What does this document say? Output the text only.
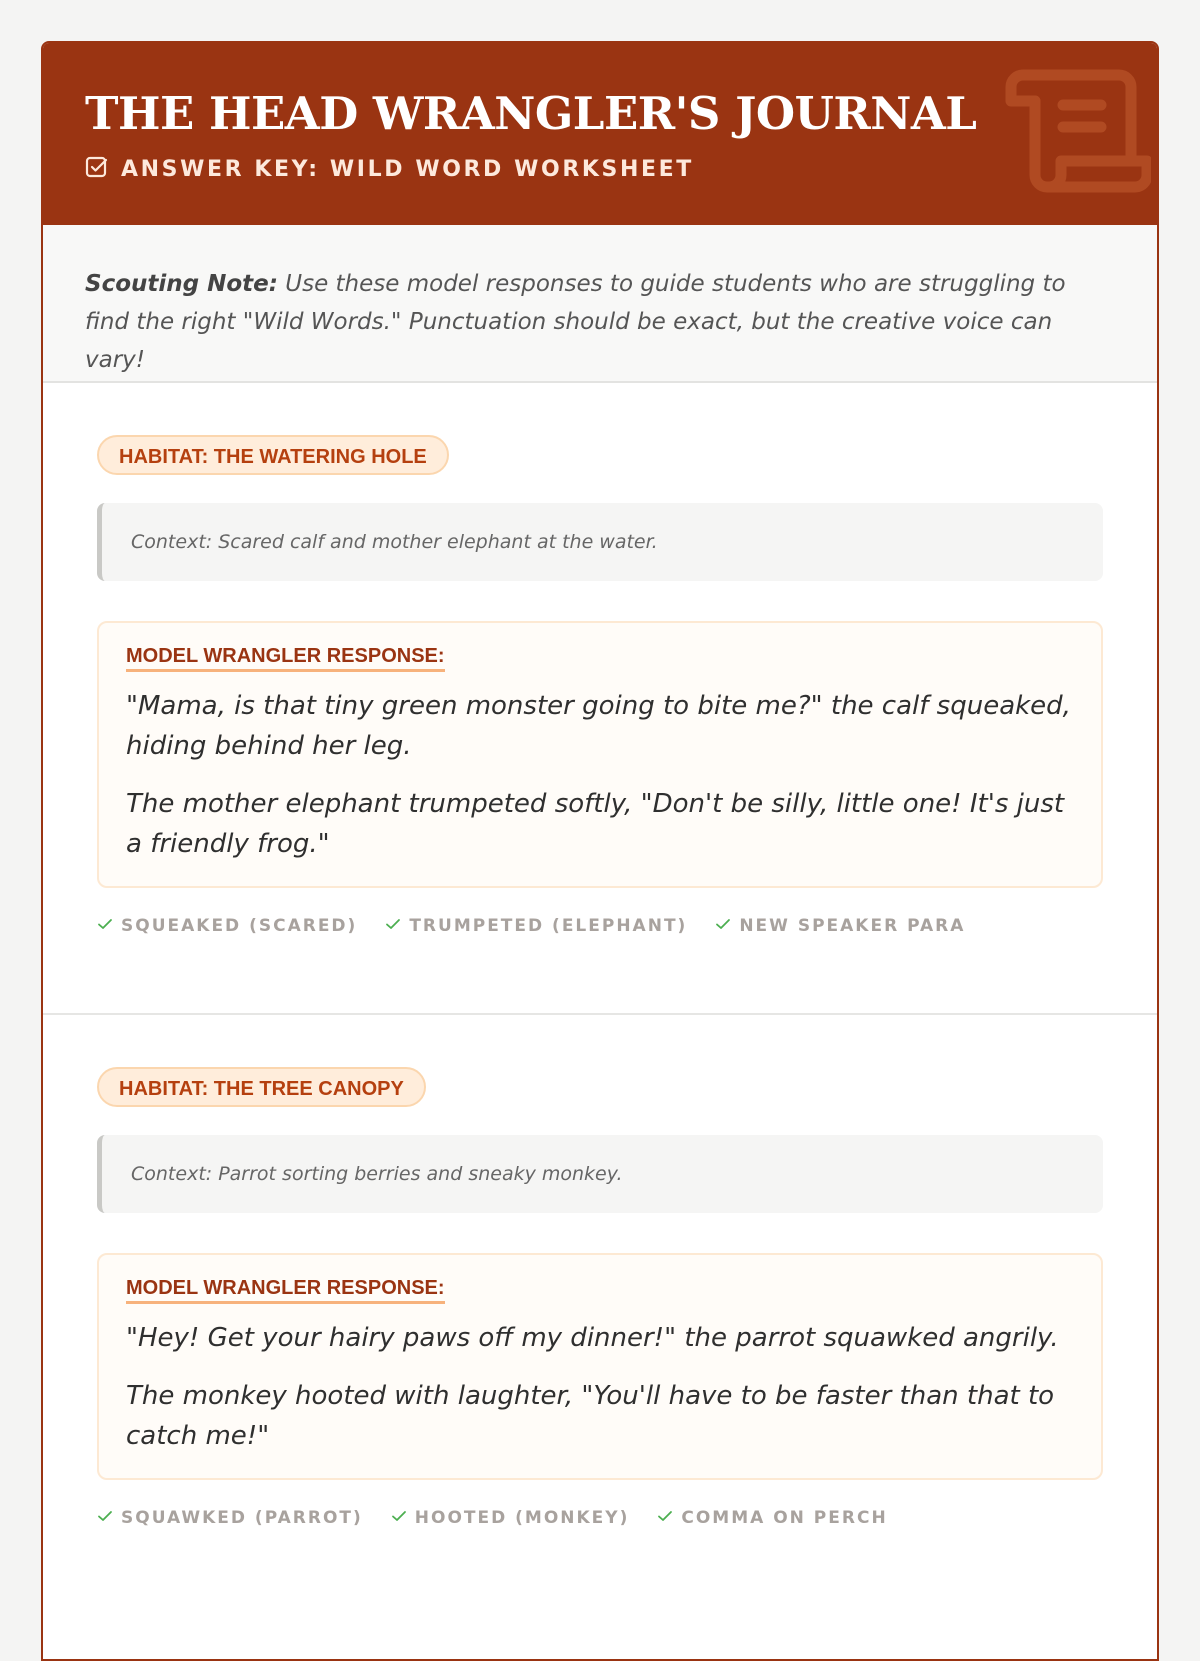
THE HEAD WRANGLER'S JOURNAL
ANSWER KEY: WILD WORD WORKSHEET
Scouting Note: Use these model responses to guide students who are struggling to find the right "Wild Words." Punctuation should be exact, but the creative voice can vary!
HABITAT: THE WATERING HOLE
Context: Scared calf and mother elephant at the water.
MODEL WRANGLER RESPONSE:

"Mama, is that tiny green monster going to bite me?" the calf squeaked, hiding behind her leg.

The mother elephant trumpeted softly, "Don't be silly, little one! It's just a friendly frog."

SQUEAKED (SCARED)	TRUMPETED (ELEPHANT)	NEW SPEAKER PARA
HABITAT: THE TREE CANOPY
Context: Parrot sorting berries and sneaky monkey.
MODEL WRANGLER RESPONSE:

"Hey! Get your hairy paws off my dinner!" the parrot squawked angrily.

The monkey hooted with laughter, "You'll have to be faster than that to catch me!"

SQUAWKED (PARROT)	HOOTED (MONKEY)	COMMA ON PERCH
